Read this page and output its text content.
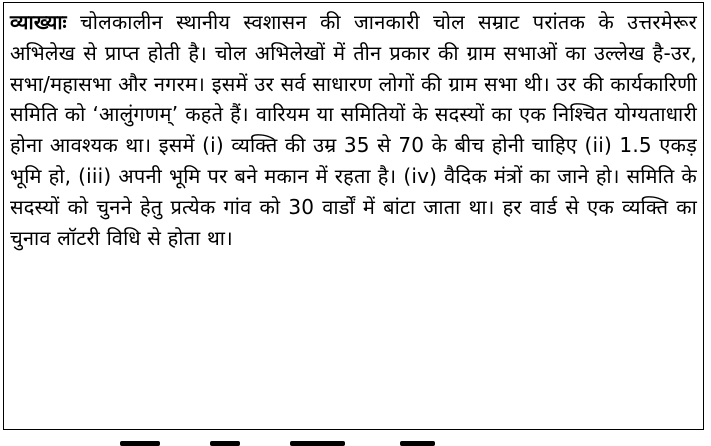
व्याख्याः चोलकालीन स्थानीय स्वशासन की जानकारी चोल सम्राट परांतक के उत्तरमेरूर अभिलेख से प्राप्त होती है। चोल अभिलेखों में तीन प्रकार की ग्राम सभाओं का उल्लेख है-उर, सभा/महासभा और नगरम। इसमें उर सर्व साधारण लोगों की ग्राम सभा थी। उर की कार्यकारिणी समिति को ‘आलुंगणम्’ कहते हैं। वारियम या समितियों के सदस्यों का एक निश्चित योग्यताधारी होना आवश्यक था। इसमें (i) व्यक्ति की उम्र 35 से 70 के बीच होनी चाहिए (ii) 1.5 एकड़ भूमि हो, (iii) अपनी भूमि पर बने मकान में रहता है। (iv) वैदिक मंत्रों का जाने हो। समिति के सदस्यों को चुनने हेतु प्रत्येक गांव को 30 वार्डों में बांटा जाता था। हर वार्ड से एक व्यक्ति का चुनाव लॉटरी विधि से होता था।
